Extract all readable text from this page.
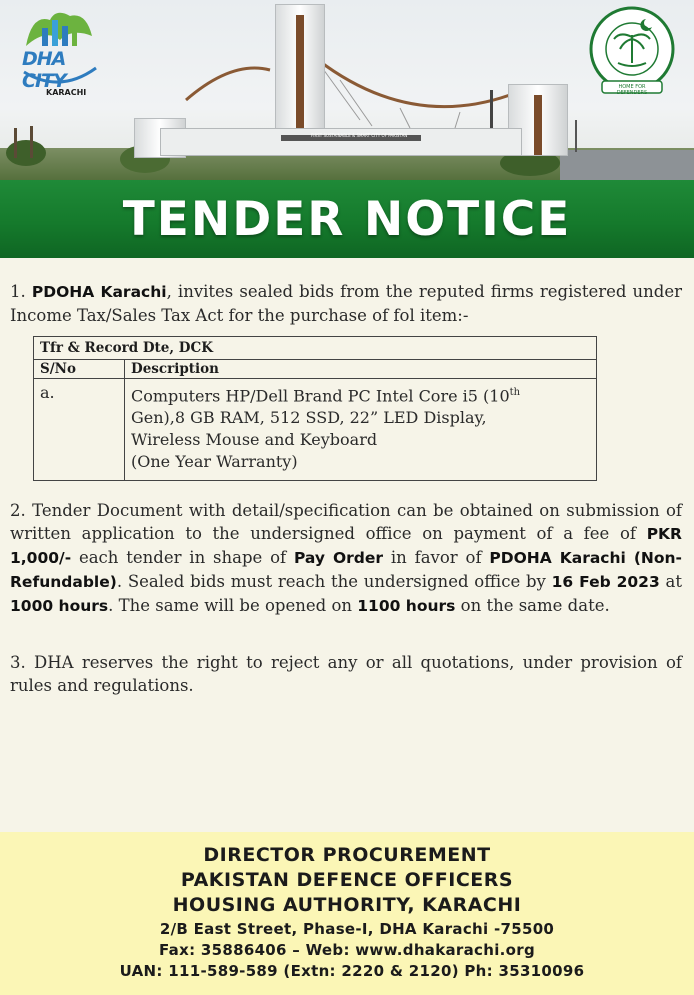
FIRST SUSTAINABLE & SMART CITY OF PAKISTAN
DHA CITY
KARACHI
HOME FOR DEFENDERS
TENDER NOTICE
1. PDOHA Karachi, invites sealed bids from the reputed firms registered under Income Tax/Sales Tax Act for the purchase of fol item:-
Tfr & Record Dte, DCK	
S/No	Description
a.	Computers HP/Dell Brand PC Intel Core i5 (10th
Gen),8 GB RAM, 512 SSD, 22” LED Display,
Wireless Mouse and Keyboard
(One Year Warranty)
2. Tender Document with detail/specification can be obtained on submission of written application to the undersigned office on payment of a fee of PKR 1,000/- each tender in shape of Pay Order in favor of PDOHA Karachi (Non-Refundable). Sealed bids must reach the undersigned office by 16 Feb 2023 at 1000 hours. The same will be opened on 1100 hours on the same date.
3. DHA reserves the right to reject any or all quotations, under provision of rules and regulations.
DIRECTOR PROCUREMENT
PAKISTAN DEFENCE OFFICERS
HOUSING AUTHORITY, KARACHI
2/B East Street, Phase-I, DHA Karachi -75500
Fax: 35886406 – Web: www.dhakarachi.org
UAN: 111-589-589 (Extn: 2220 & 2120) Ph: 35310096
